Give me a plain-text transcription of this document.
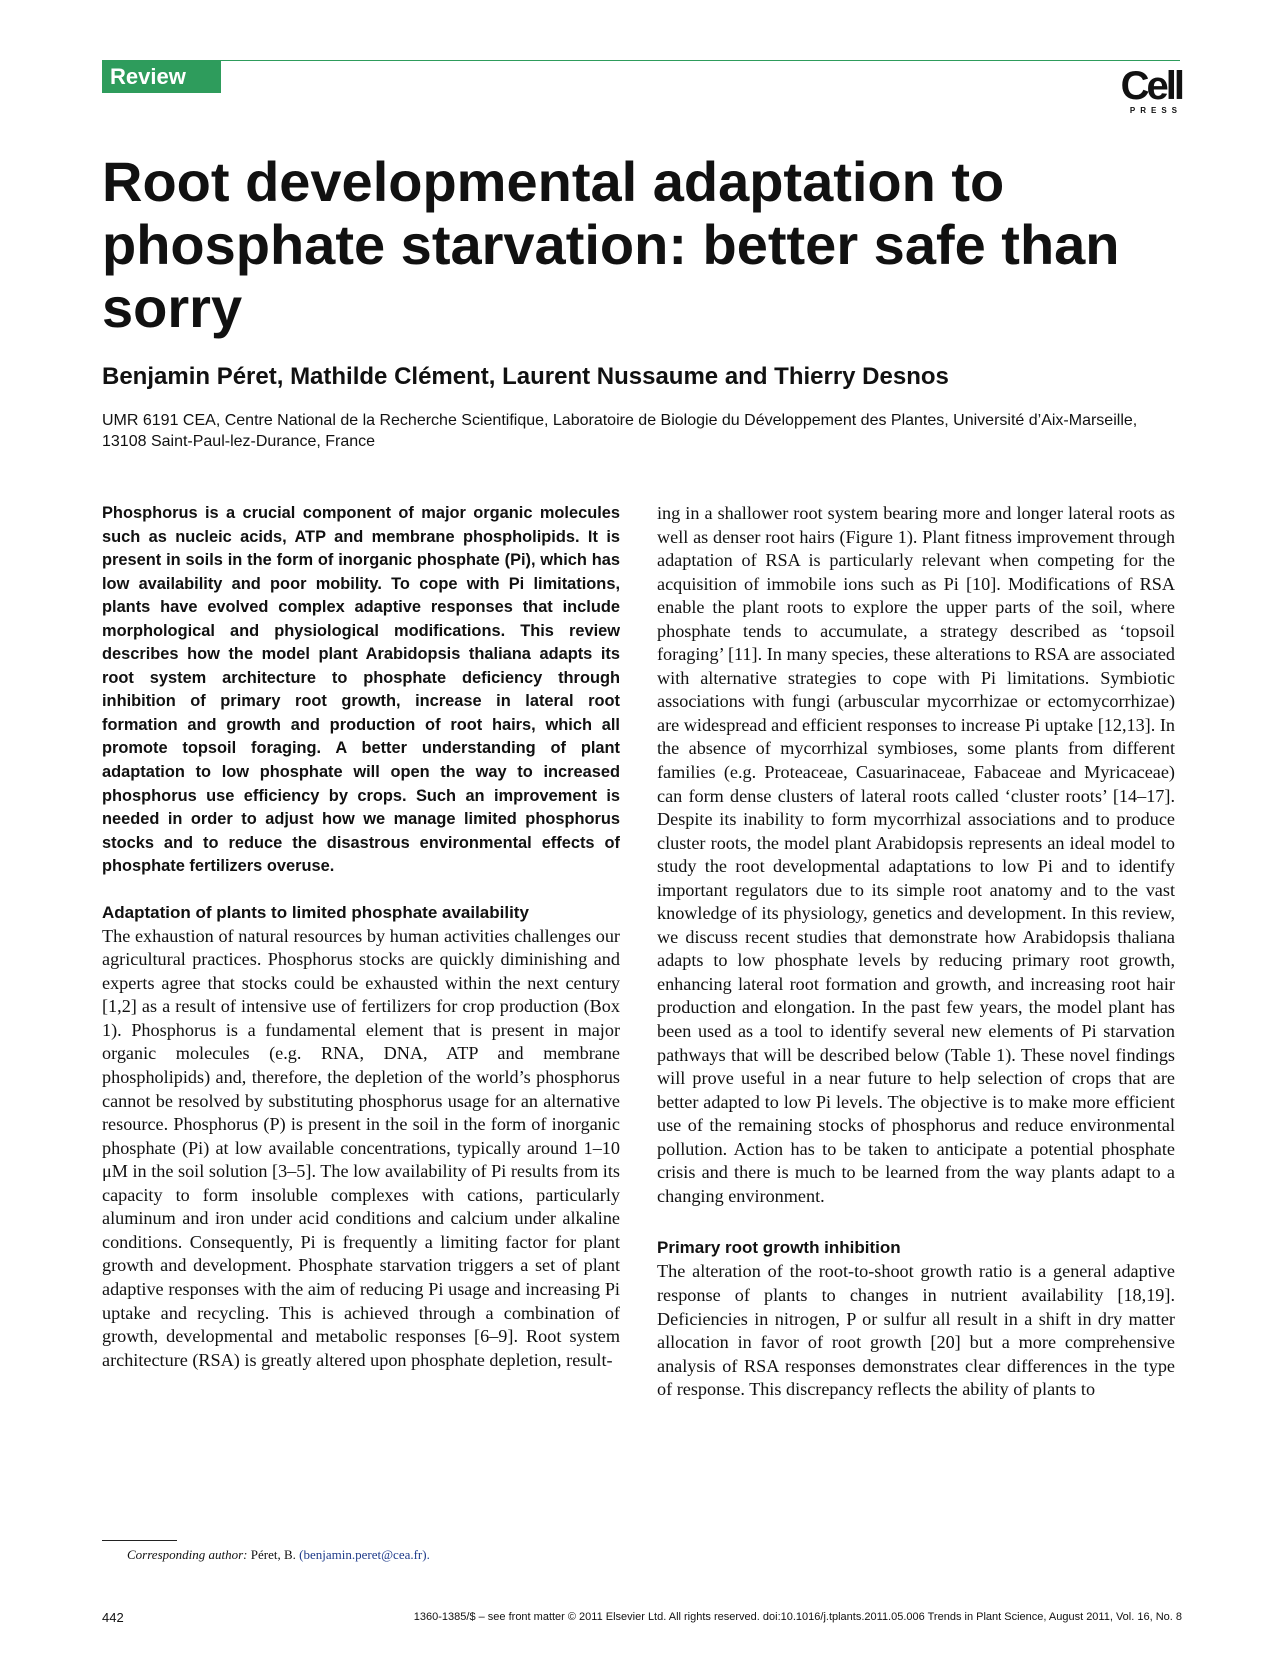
Review	Cell
PRESS
Root developmental adaptation to phosphate starvation: better safe than sorry
Benjamin Péret, Mathilde Clément, Laurent Nussaume and Thierry Desnos
UMR 6191 CEA, Centre National de la Recherche Scientifique, Laboratoire de Biologie du Développement des Plantes, Université d’Aix-Marseille, 13108 Saint-Paul-lez-Durance, France

Phosphorus is a crucial component of major organic molecules such as nucleic acids, ATP and membrane phospholipids. It is present in soils in the form of inorganic phosphate (Pi), which has low availability and poor mobility. To cope with Pi limitations, plants have evolved complex adaptive responses that include morphological and physiological modifications. This review describes how the model plant Arabidopsis thaliana adapts its root system architecture to phosphate deficiency through inhibition of primary root growth, increase in lateral root formation and growth and production of root hairs, which all promote topsoil foraging. A better understanding of plant adaptation to low phosphate will open the way to increased phosphorus use efficiency by crops. Such an improvement is needed in order to adjust how we manage limited phosphorus stocks and to reduce the disastrous environmental effects of phosphate fertilizers overuse.

Adaptation of plants to limited phosphate availability

The exhaustion of natural resources by human activities challenges our agricultural practices. Phosphorus stocks are quickly diminishing and experts agree that stocks could be exhausted within the next century [1,2] as a result of intensive use of fertilizers for crop production (Box 1). Phosphorus is a fundamental element that is present in major organic molecules (e.g. RNA, DNA, ATP and membrane phospholipids) and, therefore, the depletion of the world’s phosphorus cannot be resolved by substituting phosphorus usage for an alternative resource. Phosphorus (P) is present in the soil in the form of inorganic phosphate (Pi) at low available concentrations, typically around 1–10 μM in the soil solution [3–5]. The low availability of Pi results from its capacity to form insoluble complexes with cations, particularly aluminum and iron under acid conditions and calcium under alkaline conditions. Consequently, Pi is frequently a limiting factor for plant growth and development. Phosphate starvation triggers a set of plant adaptive responses with the aim of reducing Pi usage and increasing Pi uptake and recycling. This is achieved through a combination of growth, developmental and metabolic responses [6–9]. Root system architecture (RSA) is greatly altered upon phosphate depletion, result-

ing in a shallower root system bearing more and longer lateral roots as well as denser root hairs (Figure 1). Plant fitness improvement through adaptation of RSA is particularly relevant when competing for the acquisition of immobile ions such as Pi [10]. Modifications of RSA enable the plant roots to explore the upper parts of the soil, where phosphate tends to accumulate, a strategy described as ‘topsoil foraging’ [11]. In many species, these alterations to RSA are associated with alternative strategies to cope with Pi limitations. Symbiotic associations with fungi (arbuscular mycorrhizae or ectomycorrhizae) are widespread and efficient responses to increase Pi uptake [12,13]. In the absence of mycorrhizal symbioses, some plants from different families (e.g. Proteaceae, Casuarinaceae, Fabaceae and Myricaceae) can form dense clusters of lateral roots called ‘cluster roots’ [14–17]. Despite its inability to form mycorrhizal associations and to produce cluster roots, the model plant Arabidopsis represents an ideal model to study the root developmental adaptations to low Pi and to identify important regulators due to its simple root anatomy and to the vast knowledge of its physiology, genetics and development. In this review, we discuss recent studies that demonstrate how Arabidopsis thaliana adapts to low phosphate levels by reducing primary root growth, enhancing lateral root formation and growth, and increasing root hair production and elongation. In the past few years, the model plant has been used as a tool to identify several new elements of Pi starvation pathways that will be described below (Table 1). These novel findings will prove useful in a near future to help selection of crops that are better adapted to low Pi levels. The objective is to make more efficient use of the remaining stocks of phosphorus and reduce environmental pollution. Action has to be taken to anticipate a potential phosphate crisis and there is much to be learned from the way plants adapt to a changing environment.

Primary root growth inhibition

The alteration of the root-to-shoot growth ratio is a general adaptive response of plants to changes in nutrient availability [18,19]. Deficiencies in nitrogen, P or sulfur all result in a shift in dry matter allocation in favor of root growth [20] but a more comprehensive analysis of RSA responses demonstrates clear differences in the type of response. This discrepancy reflects the ability of plants to

Corresponding author: Péret, B. (benjamin.peret@cea.fr).
442	1360-1385/$ – see front matter © 2011 Elsevier Ltd. All rights reserved. doi:10.1016/j.tplants.2011.05.006 Trends in Plant Science, August 2011, Vol. 16, No. 8
